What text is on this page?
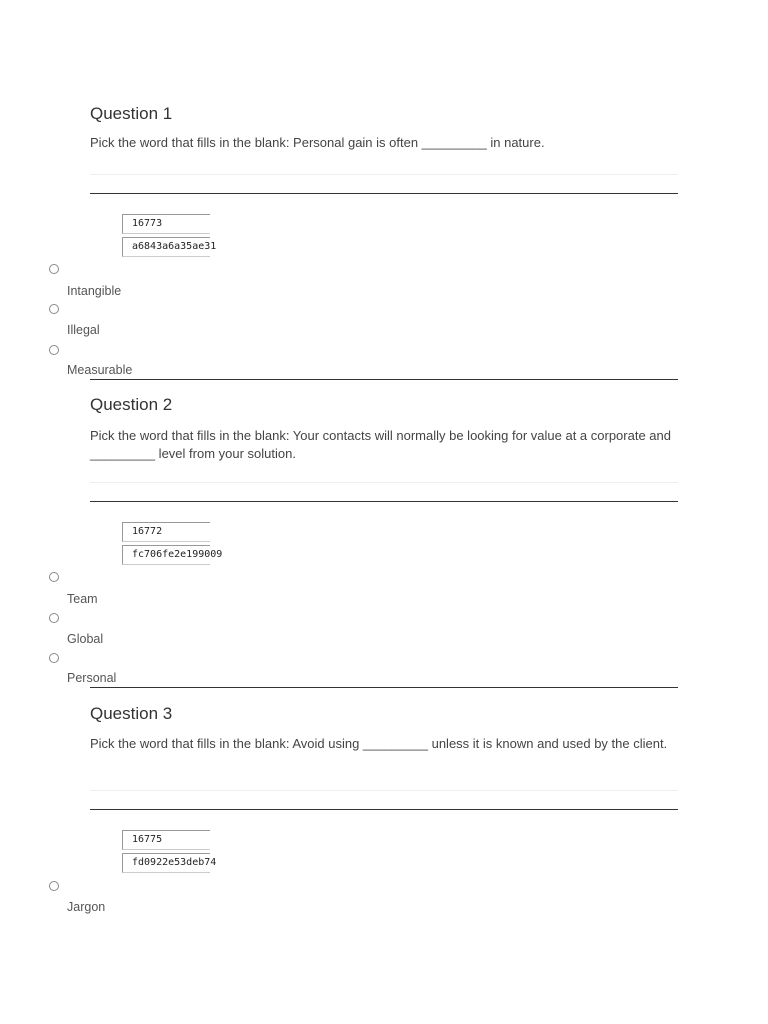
Question 1
Pick the word that fills in the blank: Personal gain is often _________ in nature.
16773
a6843a6a35ae31
Intangible
Illegal
Measurable
Question 2
Pick the word that fills in the blank: Your contacts will normally be looking for value at a corporate and _________ level from your solution.
16772
fc706fe2e199009
Team
Global
Personal
Question 3
Pick the word that fills in the blank: Avoid using _________ unless it is known and used by the client.
16775
fd0922e53deb74
Jargon
